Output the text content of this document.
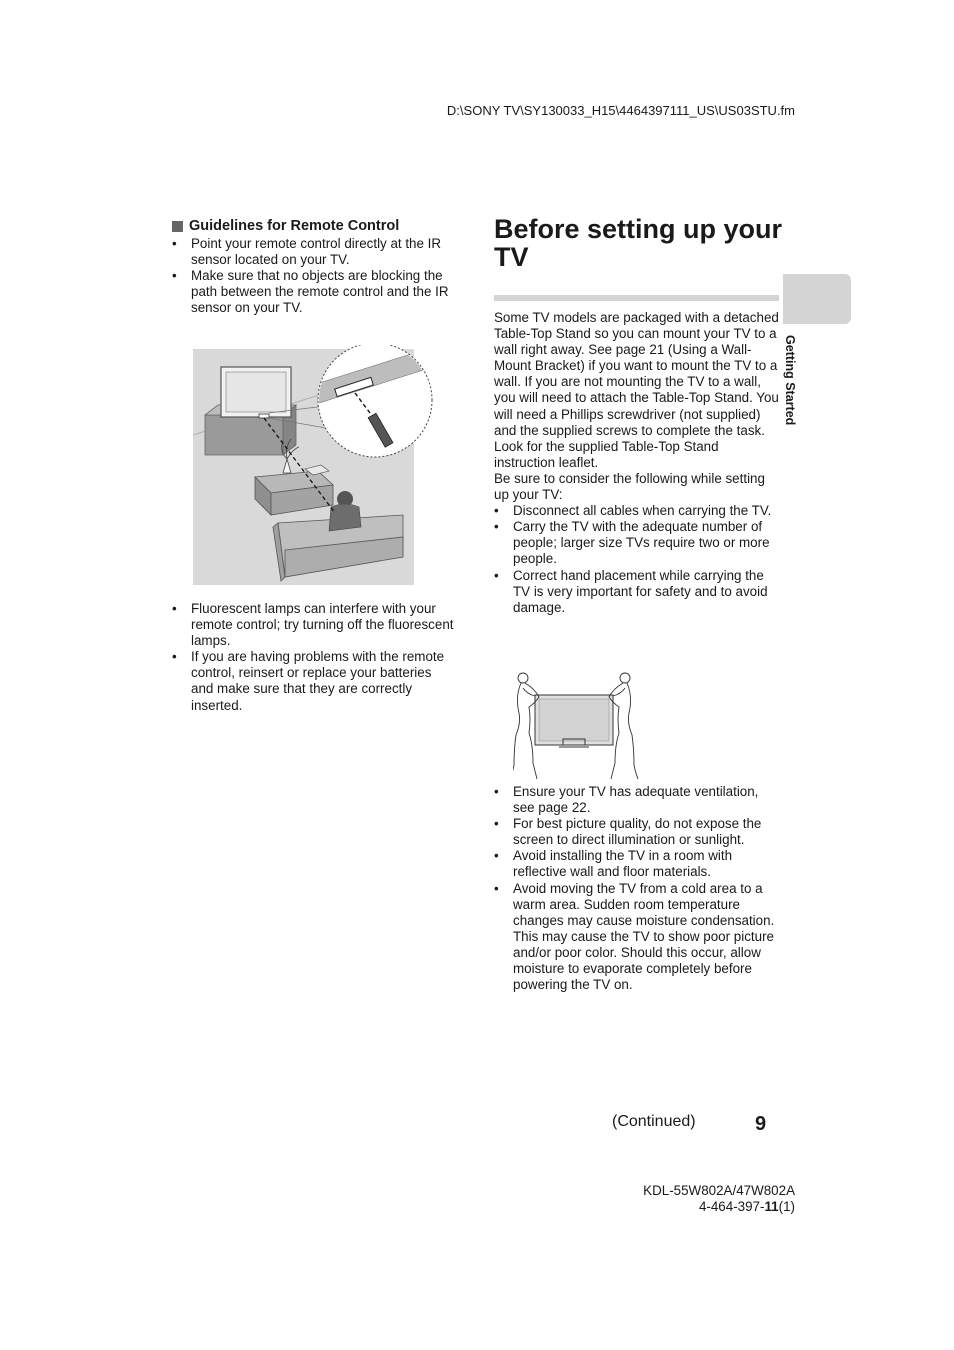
D:\SONY TV\SY130033_H15\4464397111_US\US03STU.fm
Guidelines for Remote Control
• Point your remote control directly at the IR sensor located on your TV.
• Make sure that no objects are blocking the path between the remote control and the IR sensor on your TV.
• Fluorescent lamps can interfere with your remote control; try turning off the fluorescent lamps.
• If you are having problems with the remote control, reinsert or replace your batteries and make sure that they are correctly inserted.
Before setting up your TV

Some TV models are packaged with a detached Table-Top Stand so you can mount your TV to a wall right away. See page 21 (Using a Wall-Mount Bracket) if you want to mount the TV to a wall. If you are not mounting the TV to a wall, you will need to attach the Table-Top Stand. You will need a Phillips screwdriver (not supplied) and the supplied screws to complete the task. Look for the supplied Table-Top Stand instruction leaflet.

Be sure to consider the following while setting up your TV:

• Disconnect all cables when carrying the TV.
• Carry the TV with the adequate number of people; larger size TVs require two or more people.
• Correct hand placement while carrying the TV is very important for safety and to avoid damage.
• Ensure your TV has adequate ventilation, see page 22.
• For best picture quality, do not expose the screen to direct illumination or sunlight.
• Avoid installing the TV in a room with reflective wall and floor materials.
• Avoid moving the TV from a cold area to a warm area. Sudden room temperature changes may cause moisture condensation. This may cause the TV to show poor picture and/or poor color. Should this occur, allow moisture to evaporate completely before powering the TV on.
Getting Started
(Continued)	9
KDL-55W802A/47W802A
4-464-397-11(1)
